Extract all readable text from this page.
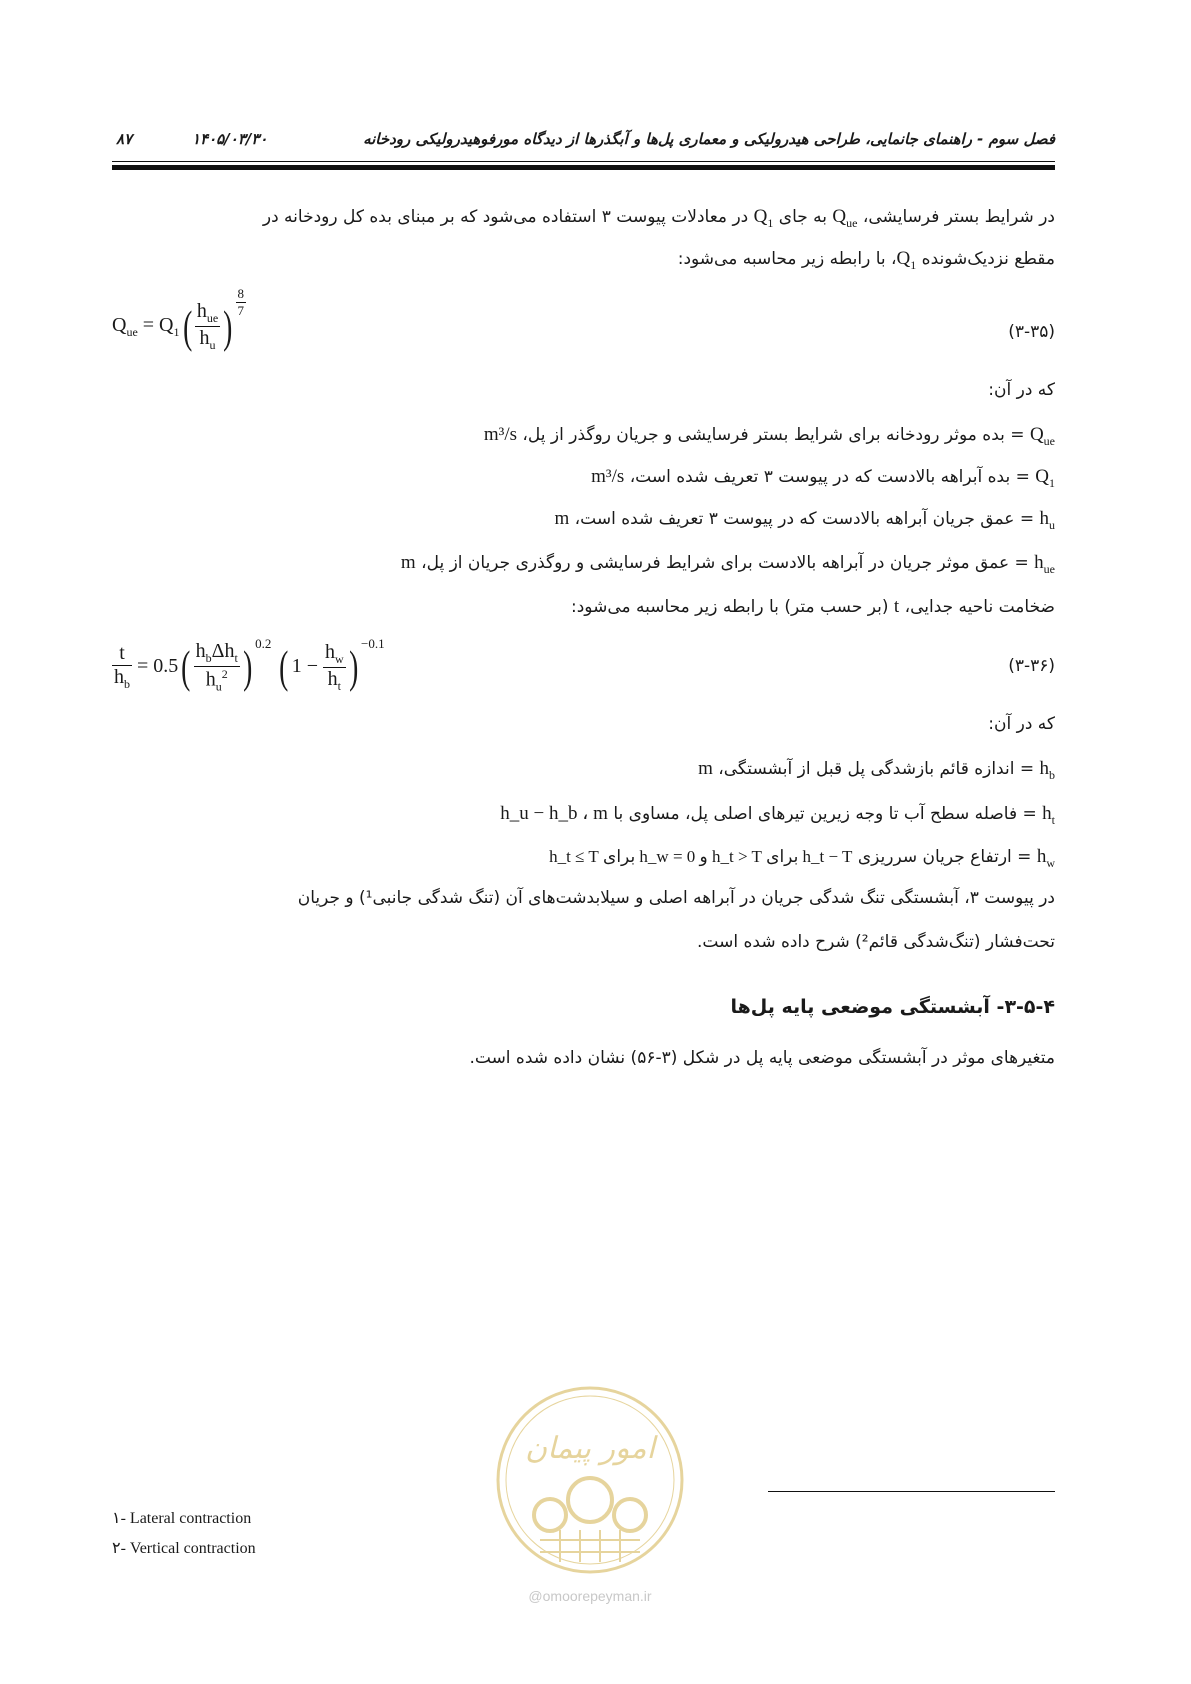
فصل سوم - راهنمای جانمایی، طراحی هیدرولیکی و معماری پل‌ها و آبگذرها از دیدگاه مورفوهیدرولیکی رودخانه
۱۴۰۵/۰۳/۳۰
۸۷
در شرایط بستر فرسایشی، $Q_{ue}$ به جای $Q_1$ در معادلات پیوست ۳ استفاده می‌شود که بر مبنای بده کل رودخانه در
مقطع نزدیک‌شونده $Q_1،$ با رابطه زیر محاسبه می‌شود:
$Q_{ue} = Q_1( \frac{h_{ue}}{h_u}$ ) $\frac{8}{7}$
(۳-۳۵)
که در آن:
$Q_{ue}$ = بده موثر رودخانه برای شرایط بستر فرسایشی و جریان روگذر از پل، m³/s
$Q_1$ = بده آبراهه بالادست که در پیوست ۳ تعریف شده است، m³/s
$h_u$ = عمق جریان آبراهه بالادست که در پیوست ۳ تعریف شده است، m
$h_{ue}$ = عمق موثر جریان در آبراهه بالادست برای شرایط فرسایشی و روگذری جریان از پل، m
ضخامت ناحیه جدایی، t (بر حسب متر) با رابطه زیر محاسبه می‌شود:
$\frac{t}{h_b} = 0.5( \frac{h_b\Delta h_t}{h_u^2}$ ) $^{0.2}$ ( $1 - \frac{h_w}{h_t}$ ) $^{-0.1}$
(۳-۳۶)
که در آن:
$h_b$ = اندازه قائم بازشدگی پل قبل از آبشستگی، m
$h_t$ = فاصله سطح آب تا وجه زیرین تیرهای اصلی پل، مساوی با h_u − h_b ، m
$h_w$ = ارتفاع جریان سرریزی h_t − T برای h_t > T و h_w = 0 برای h_t ≤ T
در پیوست ۳، آبشستگی تنگ شدگی جریان در آبراهه اصلی و سیلابدشت‌های آن (تنگ شدگی جانبی¹) و جریان
تحت‌فشار (تنگ‌شدگی قائم²) شرح داده شده است.
۳-۵-۴- آبشستگی موضعی پایه پل‌ها
متغیرهای موثر در آبشستگی موضعی پایه پل در شکل (۳-۵۶) نشان داده شده است.
امور پیمان
@omoorepeyman.ir
۱- Lateral contraction
۲- Vertical contraction
